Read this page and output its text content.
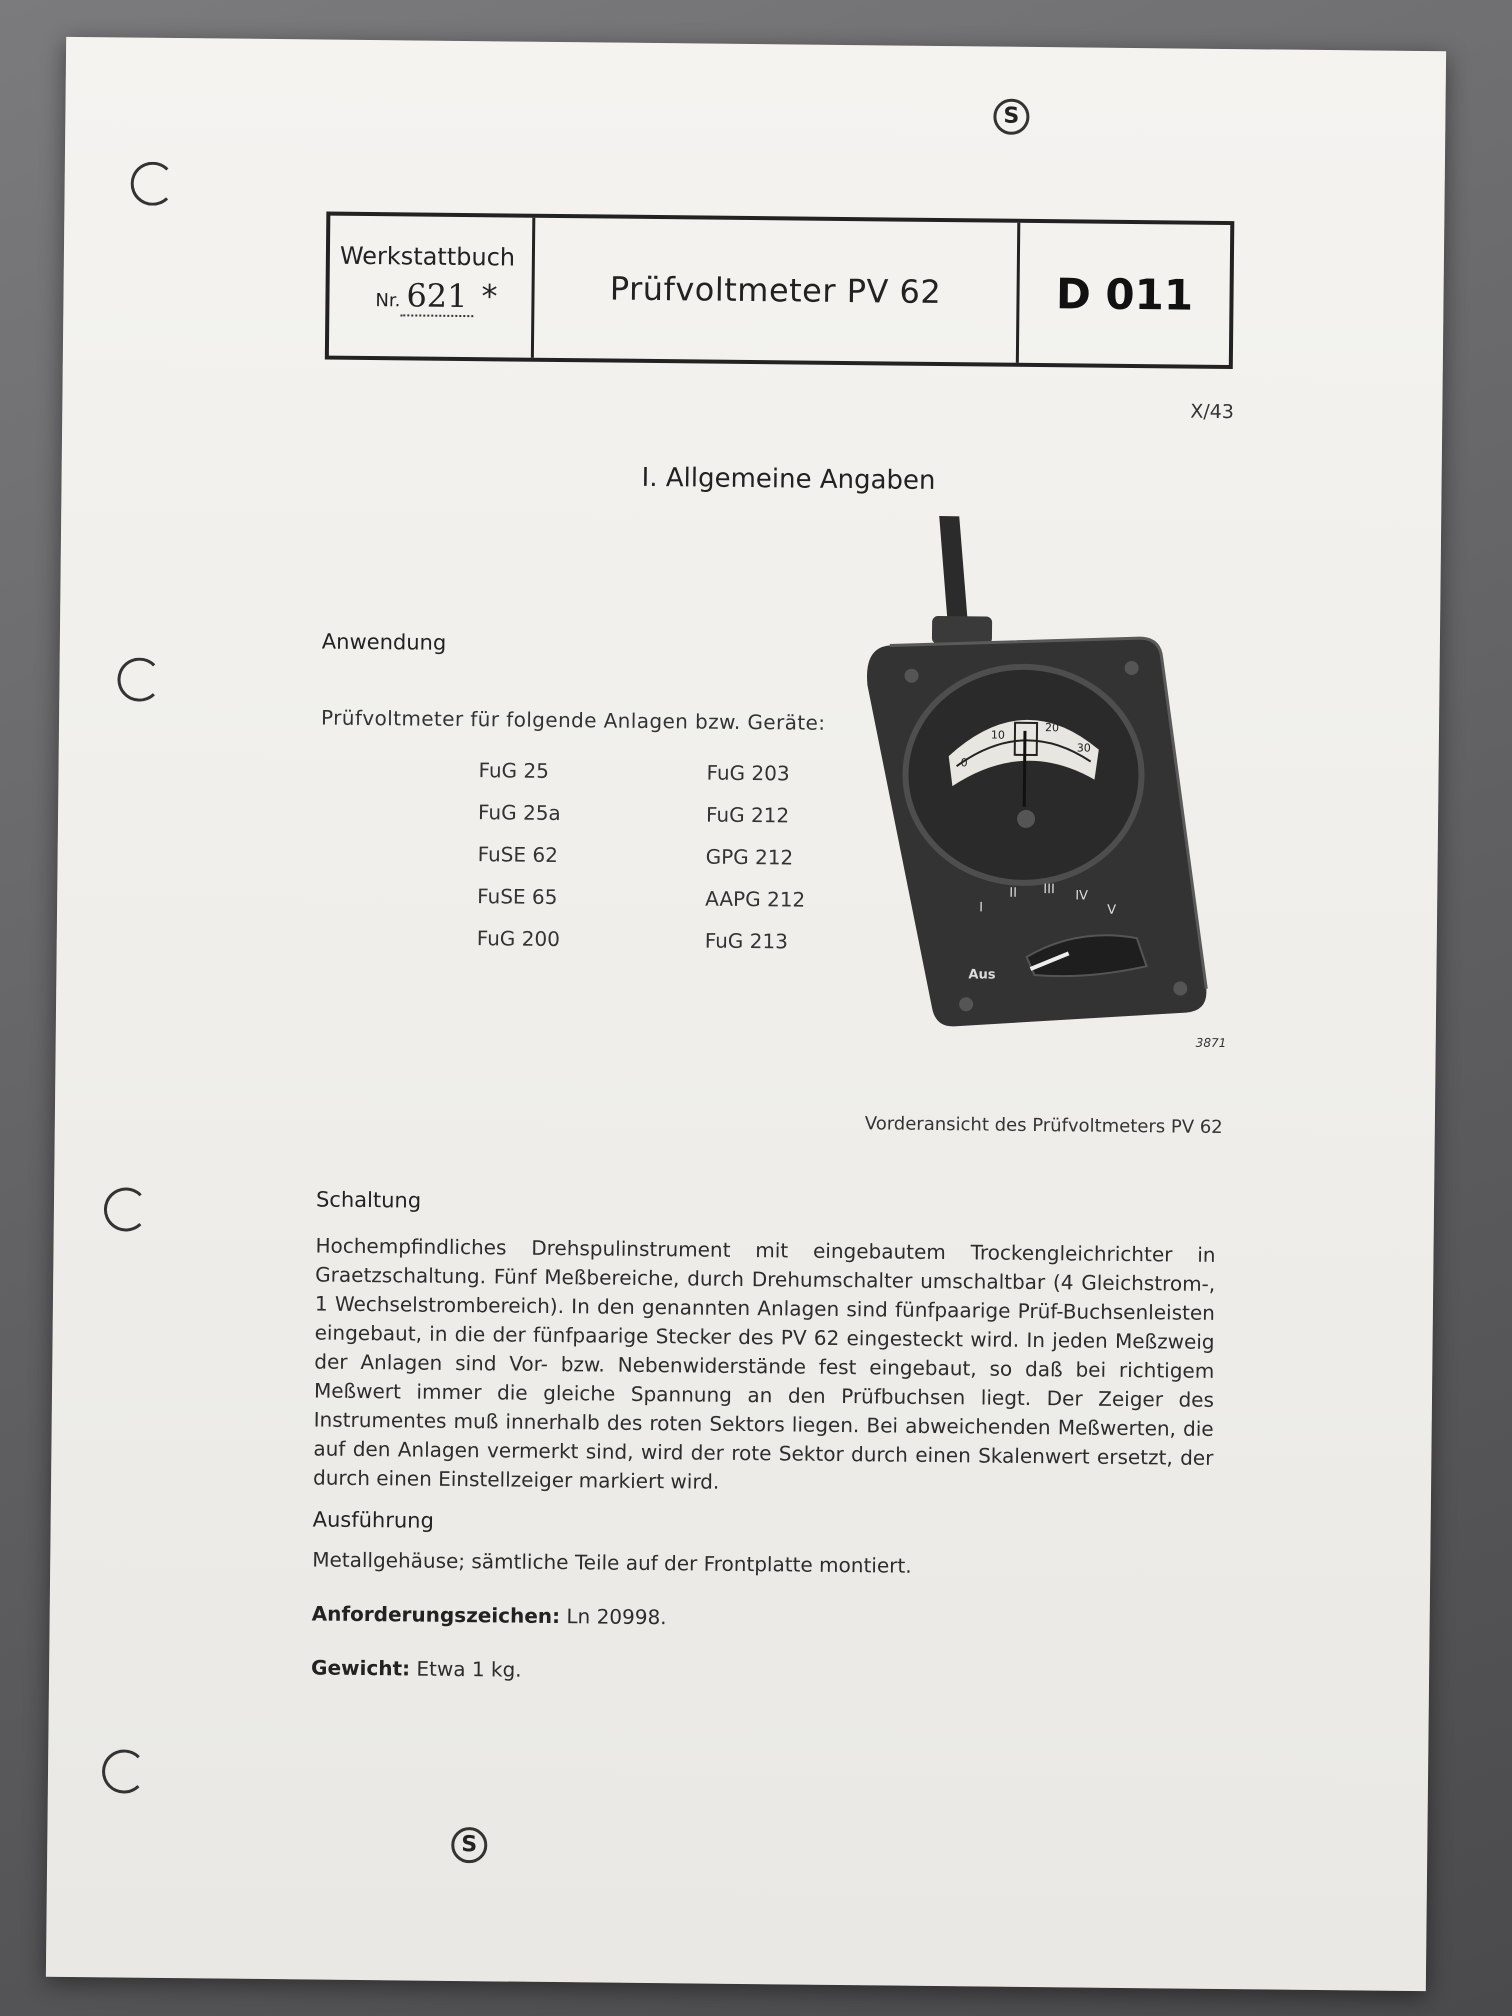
S
S
Werkstattbuch
Nr. 621 *	Prüfvoltmeter PV 62	D 011
X/43
I. Allgemeine Angaben
Anwendung
Prüfvoltmeter für folgende Anlagen bzw. Geräte:
FuG 25
FuG 25a
FuSE 62
FuSE 65
FuG 200
FuG 203
FuG 212
GPG 212
AAPG 212
FuG 213
0
10
20
30
I
II III IV
V
Aus
3871
Vorderansicht des Prüfvoltmeters PV 62
Schaltung
Hochempfindliches Drehspulinstrument mit eingebautem Trockengleichrichter in Graetzschaltung. Fünf Meßbereiche, durch Drehumschalter umschaltbar (4 Gleichstrom-, 1 Wechselstrombereich). In den genannten Anlagen sind fünfpaarige Prüf-Buchsenleisten eingebaut, in die der fünfpaarige Stecker des PV 62 eingesteckt wird. In jeden Meßzweig der Anlagen sind Vor- bzw. Nebenwiderstände fest eingebaut, so daß bei richtigem Meßwert immer die gleiche Spannung an den Prüfbuchsen liegt. Der Zeiger des Instrumentes muß innerhalb des roten Sektors liegen. Bei abweichenden Meßwerten, die auf den Anlagen vermerkt sind, wird der rote Sektor durch einen Skalenwert ersetzt, der durch einen Einstellzeiger markiert wird.
Ausführung
Metallgehäuse; sämtliche Teile auf der Frontplatte montiert.
Anforderungszeichen: Ln 20998.
Gewicht: Etwa 1 kg.
